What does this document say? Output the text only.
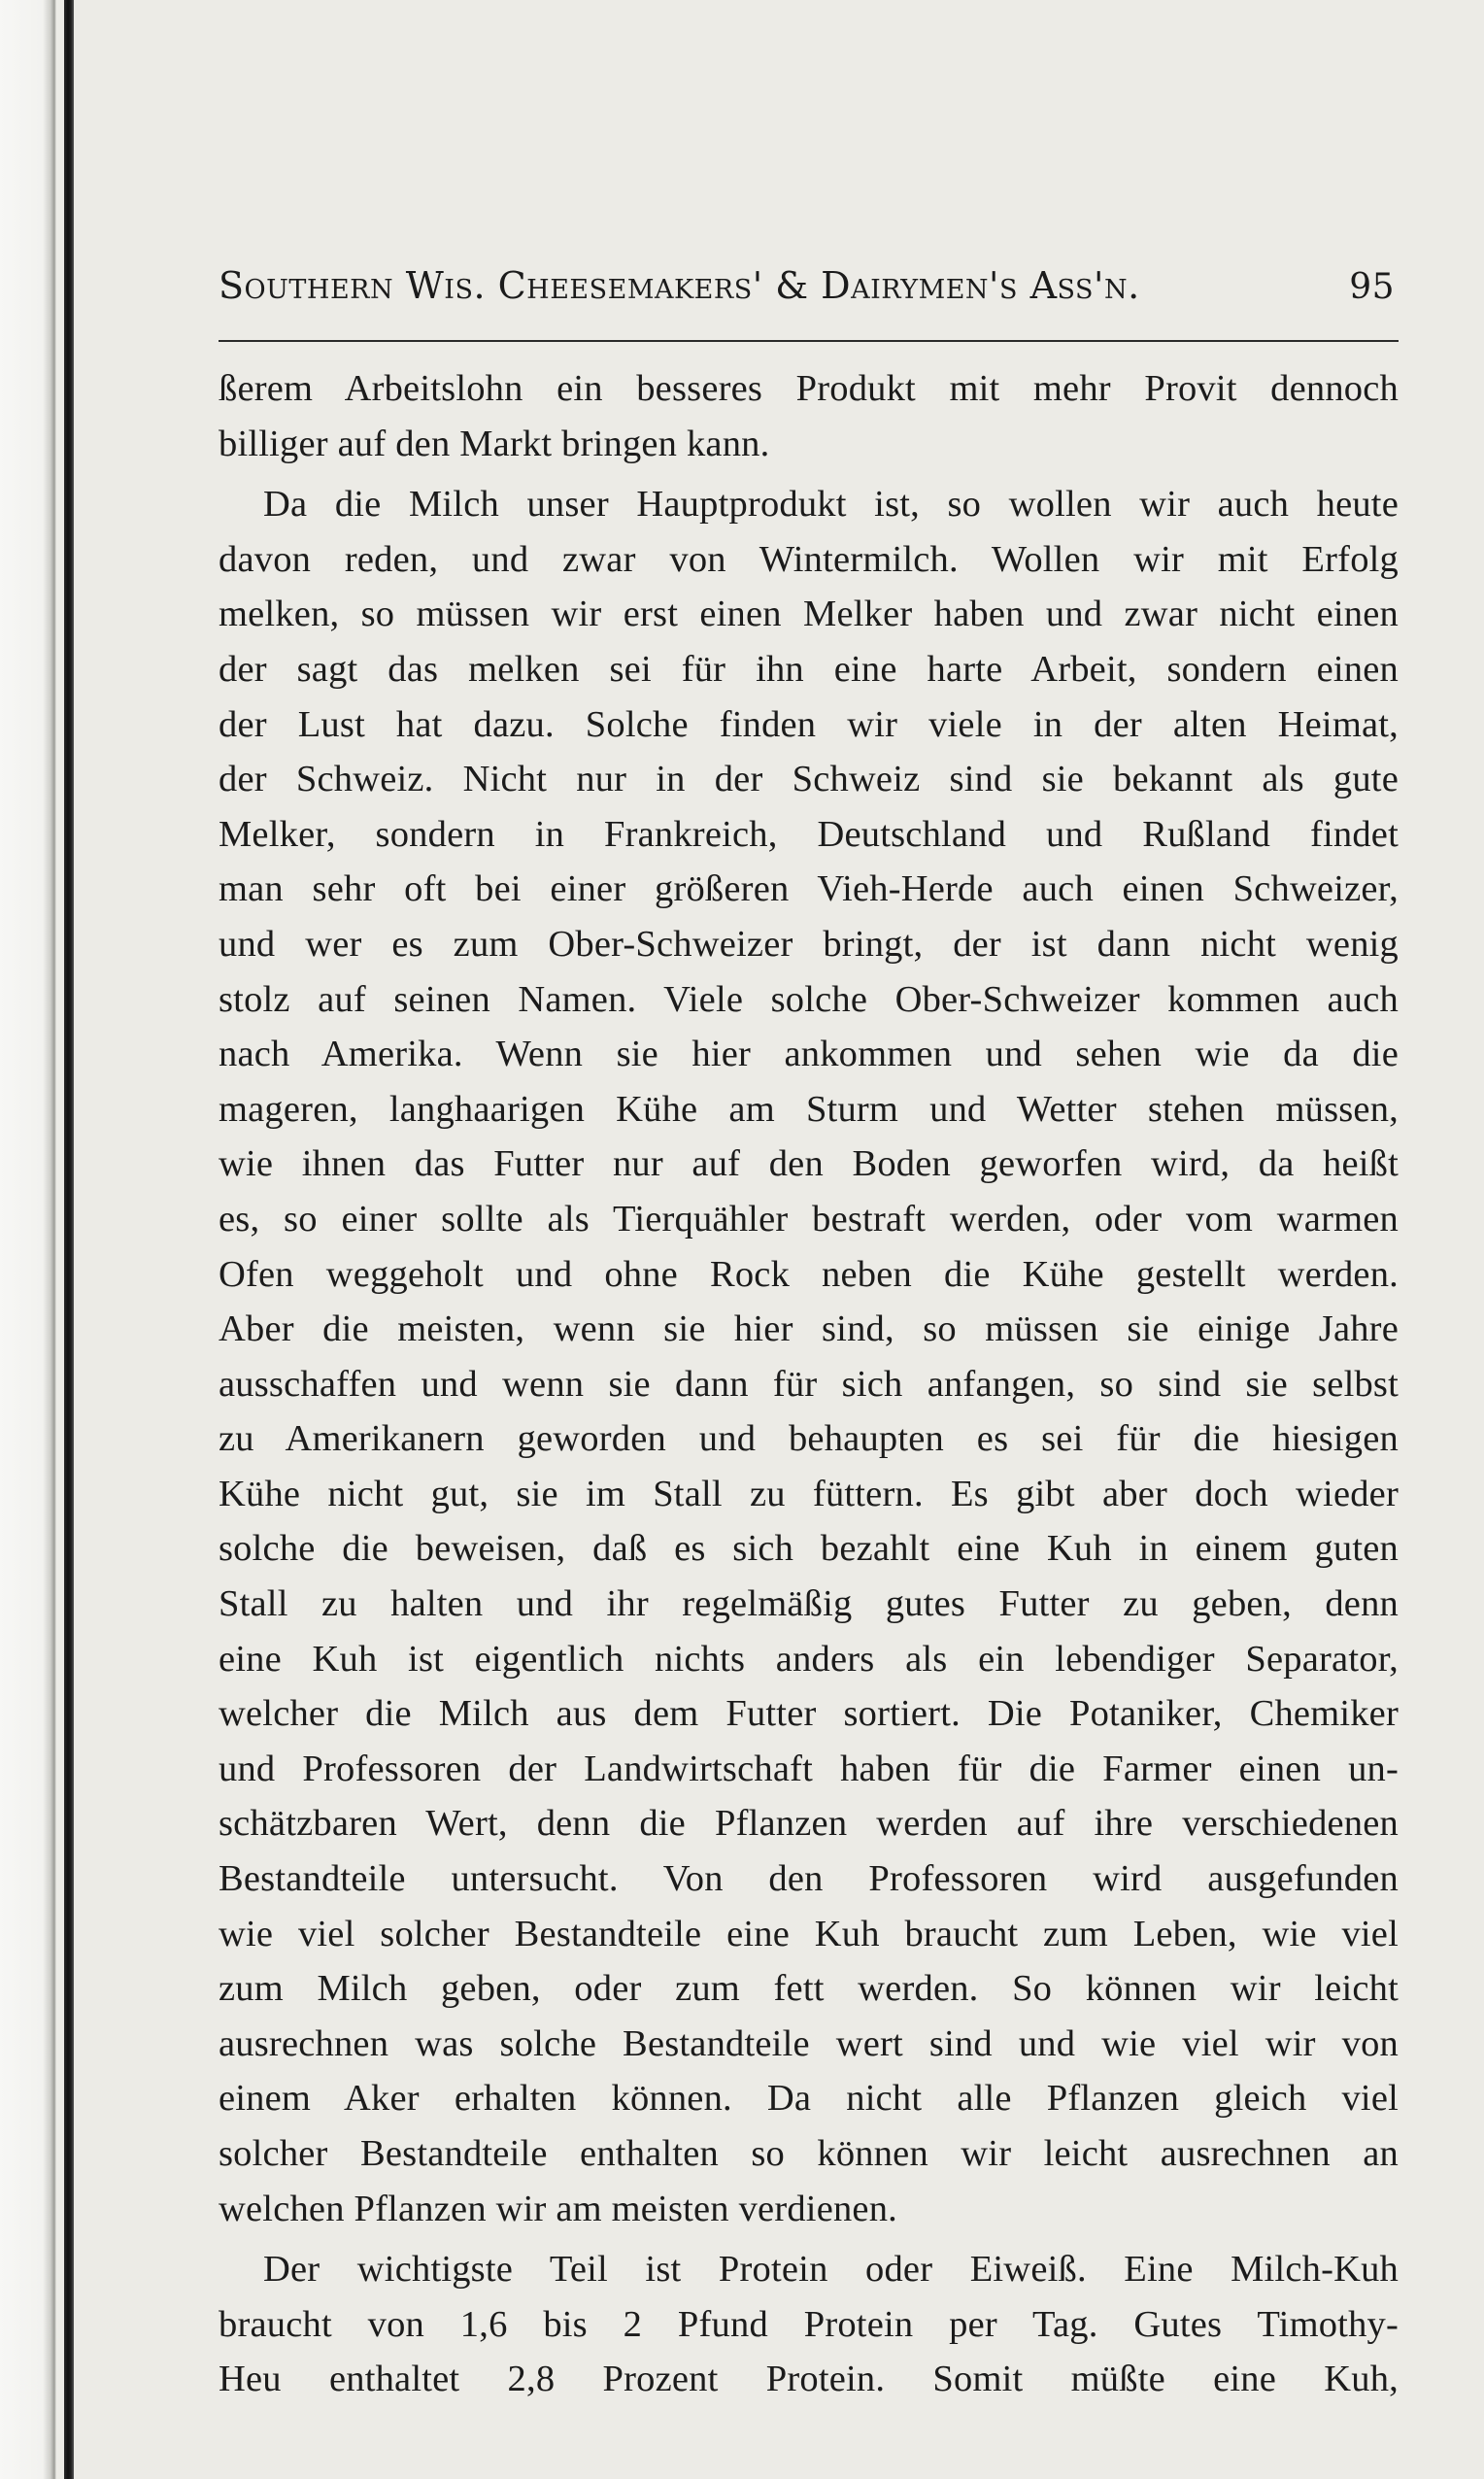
Southern Wis. Cheesemakers' & Dairymen's Ass'n.	95
ßerem Arbeitslohn ein besseres Produkt mit mehr Provit dennoch
billiger auf den Markt bringen kann.
Da die Milch unser Hauptprodukt ist, so wollen wir auch heute
davon reden, und zwar von Wintermilch. Wollen wir mit Erfolg
melken, so müssen wir erst einen Melker haben und zwar nicht einen
der sagt das melken sei für ihn eine harte Arbeit, sondern einen
der Lust hat dazu. Solche finden wir viele in der alten Heimat,
der Schweiz. Nicht nur in der Schweiz sind sie bekannt als gute
Melker, sondern in Frankreich, Deutschland und Rußland findet
man sehr oft bei einer größeren Vieh-Herde auch einen Schweizer,
und wer es zum Ober-Schweizer bringt, der ist dann nicht wenig
stolz auf seinen Namen. Viele solche Ober-Schweizer kommen auch
nach Amerika. Wenn sie hier ankommen und sehen wie da die
mageren, langhaarigen Kühe am Sturm und Wetter stehen müssen,
wie ihnen das Futter nur auf den Boden geworfen wird, da heißt
es, so einer sollte als Tierquähler bestraft werden, oder vom warmen
Ofen weggeholt und ohne Rock neben die Kühe gestellt werden.
Aber die meisten, wenn sie hier sind, so müssen sie einige Jahre
ausschaffen und wenn sie dann für sich anfangen, so sind sie selbst
zu Amerikanern geworden und behaupten es sei für die hiesigen
Kühe nicht gut, sie im Stall zu füttern. Es gibt aber doch wieder
solche die beweisen, daß es sich bezahlt eine Kuh in einem guten
Stall zu halten und ihr regelmäßig gutes Futter zu geben, denn
eine Kuh ist eigentlich nichts anders als ein lebendiger Separator,
welcher die Milch aus dem Futter sortiert. Die Potaniker, Chemiker
und Professoren der Landwirtschaft haben für die Farmer einen un-
schätzbaren Wert, denn die Pflanzen werden auf ihre verschiedenen
Bestandteile untersucht. Von den Professoren wird ausgefunden
wie viel solcher Bestandteile eine Kuh braucht zum Leben, wie viel
zum Milch geben, oder zum fett werden. So können wir leicht
ausrechnen was solche Bestandteile wert sind und wie viel wir von
einem Aker erhalten können. Da nicht alle Pflanzen gleich viel
solcher Bestandteile enthalten so können wir leicht ausrechnen an
welchen Pflanzen wir am meisten verdienen.
Der wichtigste Teil ist Protein oder Eiweiß. Eine Milch-Kuh
braucht von 1,6 bis 2 Pfund Protein per Tag. Gutes Timothy-
Heu enthaltet 2,8 Prozent Protein. Somit müßte eine Kuh,
